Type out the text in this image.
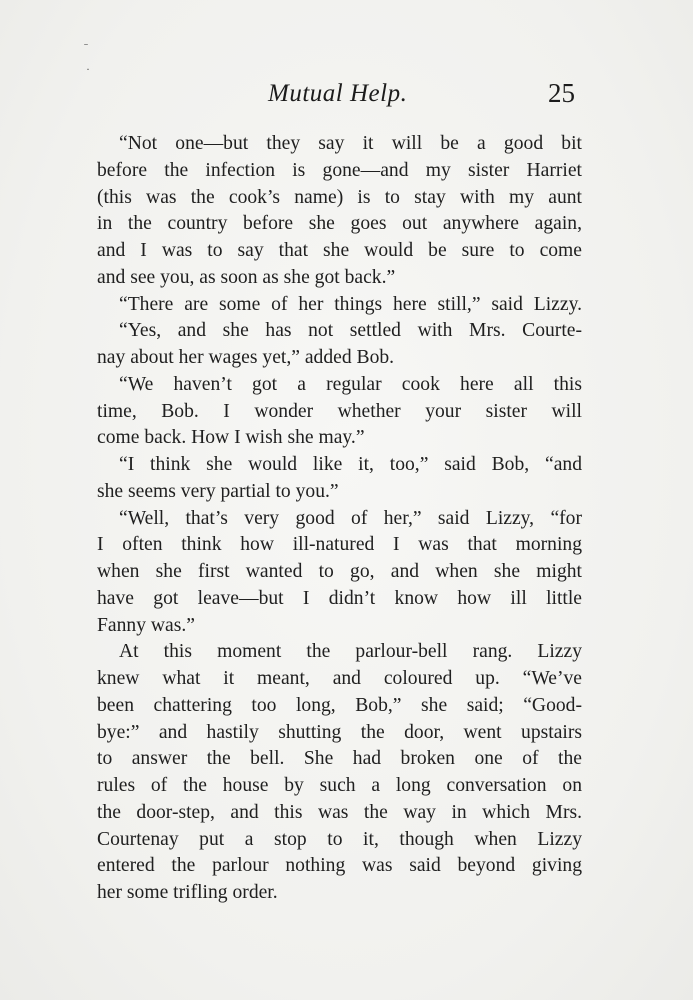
ˉ
·
Mutual Help.	25
“Not one—but they say it will be a good bit
before the infection is gone—and my sister Harriet
(this was the cook’s name) is to stay with my aunt
in the country before she goes out anywhere again,
and I was to say that she would be sure to come
and see you, as soon as she got back.”
“There are some of her things here still,” said Lizzy.
“Yes, and she has not settled with Mrs. Courte-
nay about her wages yet,” added Bob.
“We haven’t got a regular cook here all this
time, Bob. I wonder whether your sister will
come back. How I wish she may.”
“I think she would like it, too,” said Bob, “and
she seems very partial to you.”
“Well, that’s very good of her,” said Lizzy, “for
I often think how ill-natured I was that morning
when she first wanted to go, and when she might
have got leave—but I didn’t know how ill little
Fanny was.”
At this moment the parlour-bell rang. Lizzy
knew what it meant, and coloured up. “We’ve
been chattering too long, Bob,” she said; “Good-
bye:” and hastily shutting the door, went upstairs
to answer the bell. She had broken one of the
rules of the house by such a long conversation on
the door-step, and this was the way in which Mrs.
Courtenay put a stop to it, though when Lizzy
entered the parlour nothing was said beyond giving
her some trifling order.
